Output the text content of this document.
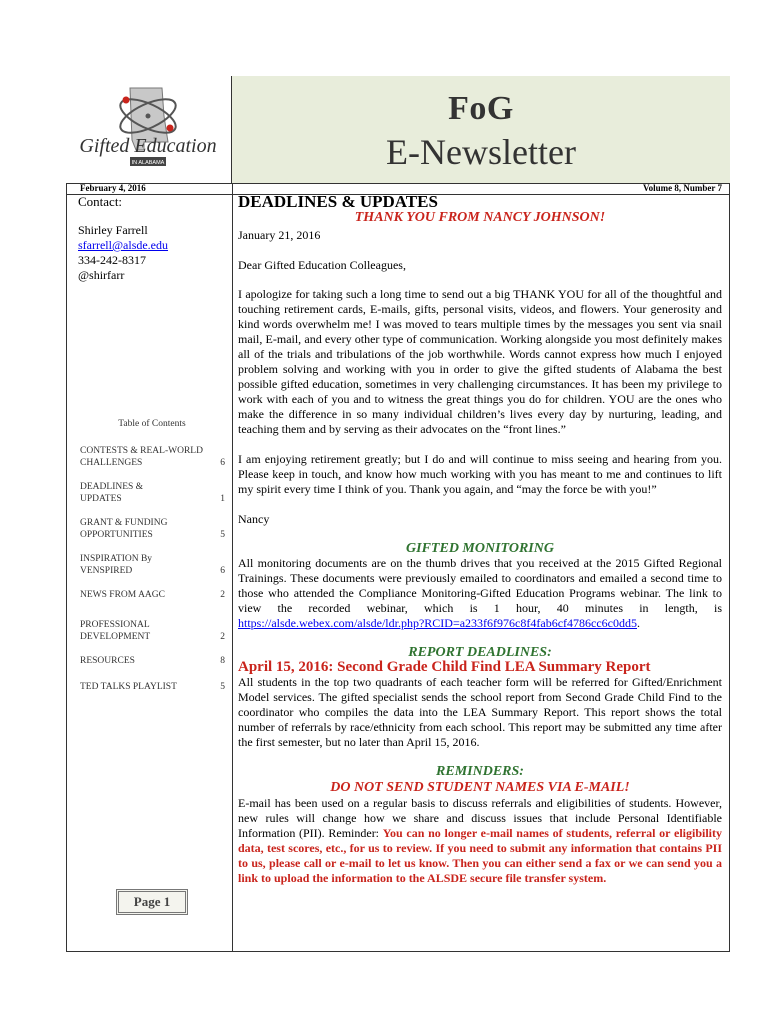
Gifted Education
IN ALABAMA
FoG
E-Newsletter
February 4, 2016	Volume 8, Number 7

Contact:

Shirley Farrell

sfarrell@alsde.edu

334-242-8317

@shirfarr

Table of Contents
CONTESTS & REAL-WORLD CHALLENGES	6
DEADLINES & UPDATES	1
GRANT & FUNDING OPPORTUNITIES	5
INSPIRATION By VENSPIRED	6
NEWS FROM AAGC	2
PROFESSIONAL DEVELOPMENT	2
RESOURCES	8
TED TALKS PLAYLIST	5
Page 1
DEADLINES & UPDATES
THANK YOU FROM NANCY JOHNSON!

January 21, 2016

Dear Gifted Education Colleagues,

I apologize for taking such a long time to send out a big THANK YOU for all of the thoughtful and touching retirement cards, E-mails, gifts, personal visits, videos, and flowers. Your generosity and kind words overwhelm me! I was moved to tears multiple times by the messages you sent via snail mail, E-mail, and every other type of communication. Working alongside you most definitely makes all of the trials and tribulations of the job worthwhile. Words cannot express how much I enjoyed problem solving and working with you in order to give the gifted students of Alabama the best possible gifted education, sometimes in very challenging circumstances. It has been my privilege to work with each of you and to witness the great things you do for children. YOU are the ones who make the difference in so many individual children’s lives every day by nurturing, leading, and teaching them and by serving as their advocates on the “front lines.”

I am enjoying retirement greatly; but I do and will continue to miss seeing and hearing from you. Please keep in touch, and know how much working with you has meant to me and continues to lift my spirit every time I think of you. Thank you again, and “may the force be with you!”

Nancy

GIFTED MONITORING

All monitoring documents are on the thumb drives that you received at the 2015 Gifted Regional Trainings. These documents were previously emailed to coordinators and emailed a second time to those who attended the Compliance Monitoring-Gifted Education Programs webinar. The link to view the recorded webinar, which is 1 hour, 40 minutes in length, is https://alsde.webex.com/alsde/ldr.php?RCID=a233f6f976c8f4fab6cf4786cc6c0dd5.

REPORT DEADLINES:
April 15, 2016: Second Grade Child Find LEA Summary Report

All students in the top two quadrants of each teacher form will be referred for Gifted/Enrichment Model services. The gifted specialist sends the school report from Second Grade Child Find to the coordinator who compiles the data into the LEA Summary Report. This report shows the total number of referrals by race/ethnicity from each school. This report may be submitted any time after the first semester, but no later than April 15, 2016.

REMINDERS:
DO NOT SEND STUDENT NAMES VIA E-MAIL!

E-mail has been used on a regular basis to discuss referrals and eligibilities of students. However, new rules will change how we share and discuss issues that include Personal Identifiable Information (PII). Reminder: You can no longer e-mail names of students, referral or eligibility data, test scores, etc., for us to review. If you need to submit any information that contains PII to us, please call or e-mail to let us know. Then you can either send a fax or we can send you a link to upload the information to the ALSDE secure file transfer system.
